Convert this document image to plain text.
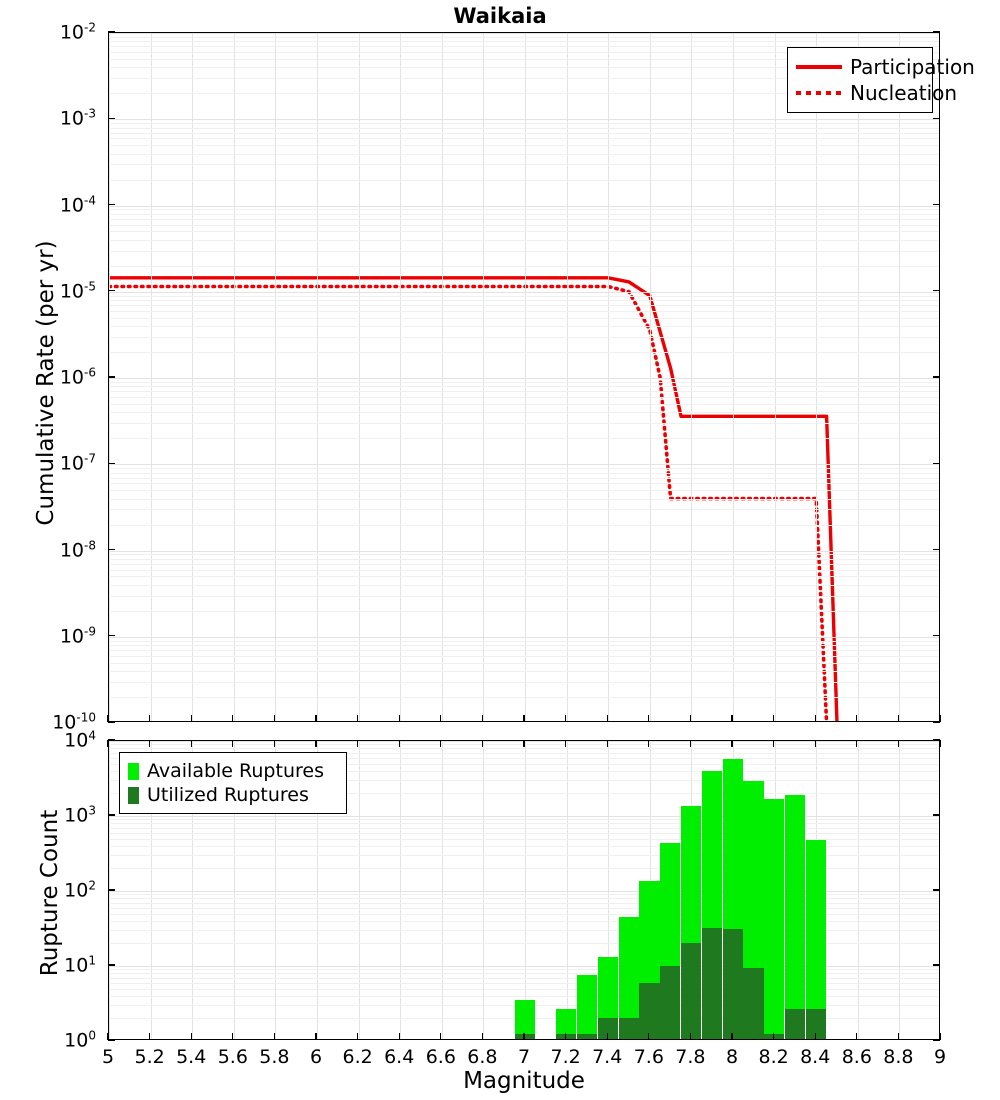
Waikaia
$10^{-2}$
$10^{-3}$
$10^{-4}$
$10^{-5}$
$10^{-6}$
$10^{-7}$
$10^{-8}$
$10^{-9}$
$10^{-10}$
Cumulative Rate (per yr)
Participation
Nucleation
$10^4$
$10^3$
$10^2$
$10^1$
$10^0$
5 5.2 5.4 5.6 5.8 6 6.2 6.4 6.6 6.8 7 7.2 7.4 7.6 7.8 8 8.2 8.4 8.6 8.8 9
Rupture Count
Magnitude
Available Ruptures
Utilized Ruptures
